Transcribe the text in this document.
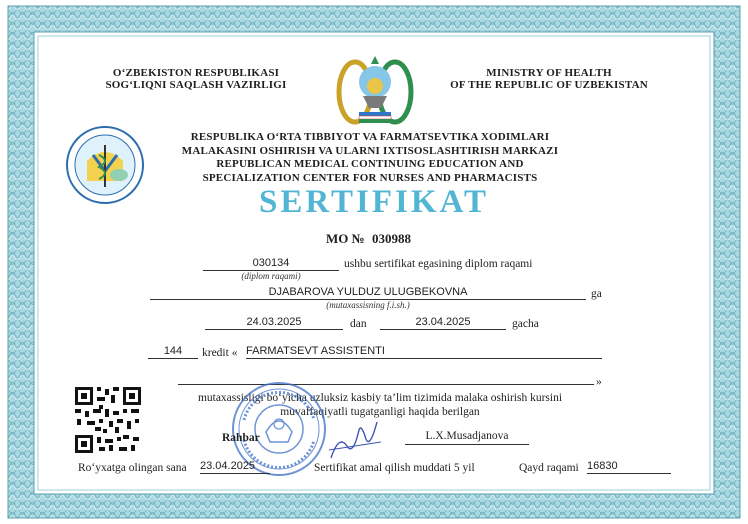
O‘ZBEKISTON RESPUBLIKASI
SOG‘LIQNI SAQLASH VAZIRLIGI
MINISTRY OF HEALTH
OF THE REPUBLIC OF UZBEKISTAN
RESPUBLIKA O‘RTA TIBBIYOT VA FARMATSEVTIKA XODIMLARI
MALAKASINI OSHIRISH VA ULARNI IXTISOSLASHTIRISH MARKAZI
REPUBLICAN MEDICAL CONTINUING EDUCATION AND
SPECIALIZATION CENTER FOR NURSES AND PHARMACISTS
SERTIFIKAT
MO № 030988
030134	ushbu sertifikat egasining diplom raqami
(diplom raqami)
DJABAROVA YULDUZ ULUGBEKOVNA	ga
(mutaxassisning f.i.sh.)
24.03.2025	dan	23.04.2025	gacha
144	kredit « FARMATSEVT ASSISTENTI
»
mutaxassisligi bo‘yicha uzluksiz kasbiy ta’lim tizimida malaka oshirish kursini
muvaffaqiyatli tugatganligi haqida berilgan
Rahbar	L.X.Musadjanova
Ro‘yxatga olingan sana 23.04.2025	Sertifikat amal qilish muddati 5 yil	Qayd raqami 16830
